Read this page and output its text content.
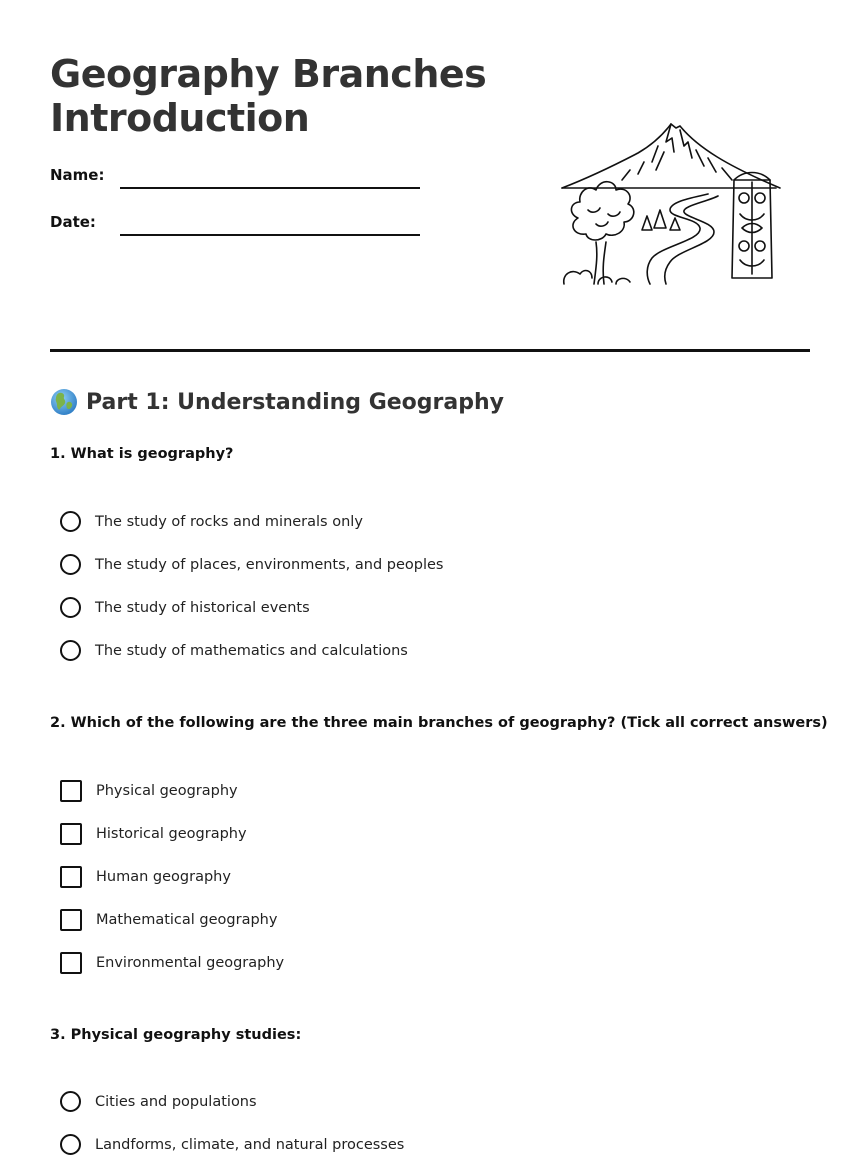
Geography Branches
Introduction
Name:
Date:
Part 1: Understanding Geography
1. What is geography?
The study of rocks and minerals only
The study of places, environments, and peoples
The study of historical events
The study of mathematics and calculations
2. Which of the following are the three main branches of geography? (Tick all correct answers)
Physical geography
Historical geography
Human geography
Mathematical geography
Environmental geography
3. Physical geography studies:
Cities and populations
Landforms, climate, and natural processes
